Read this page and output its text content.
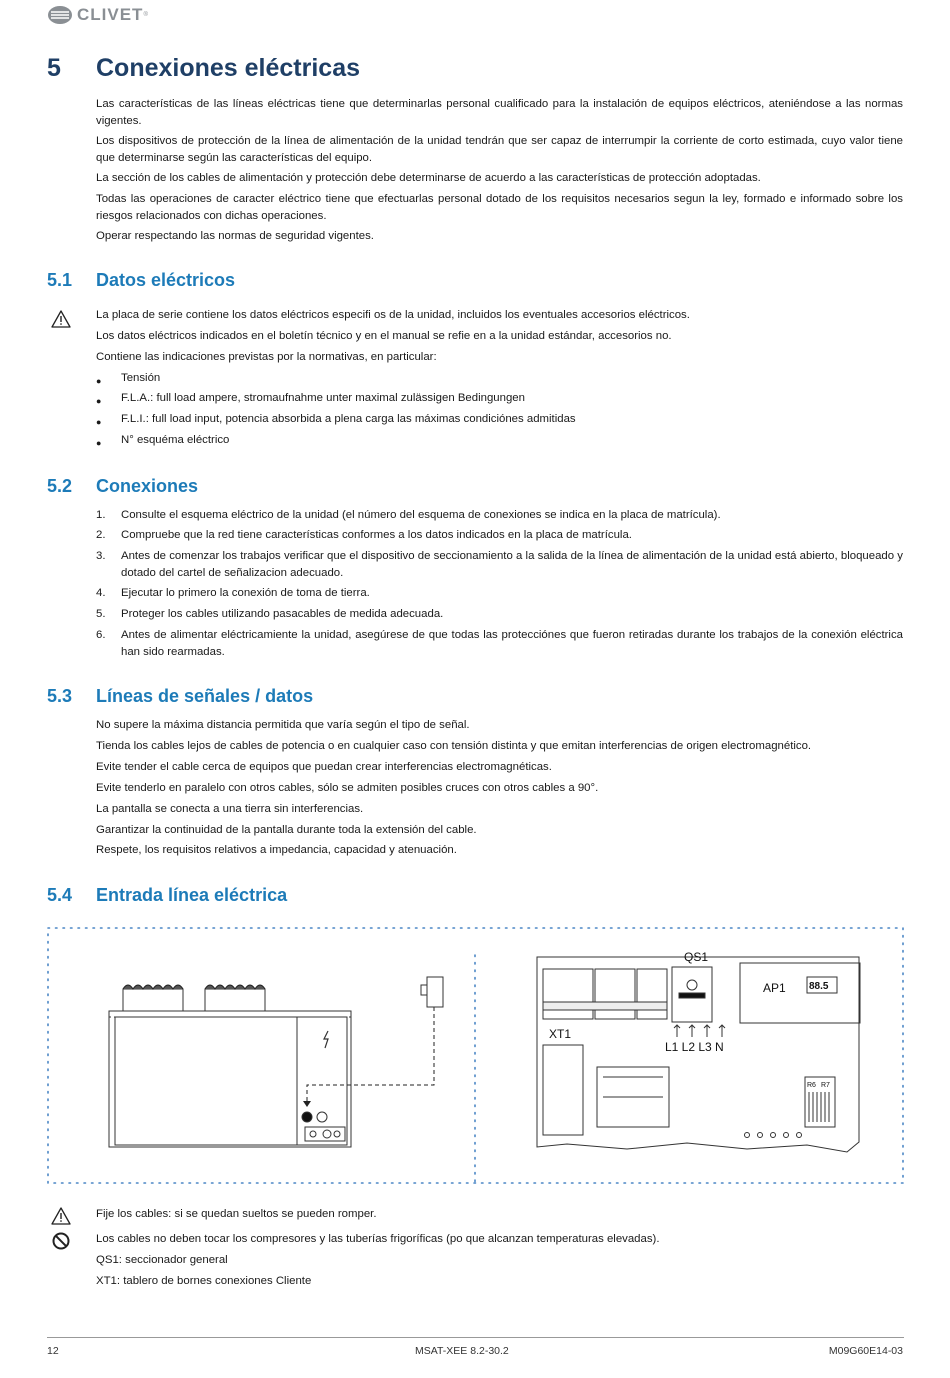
CLIVET ®
5	Conexiones eléctricas

Las características de las líneas eléctricas tiene que determinarlas personal cualificado para la instalación de equipos eléctricos, ateniéndose a las normas vigentes.

Los dispositivos de protección de la línea de alimentación de la unidad tendrán que ser capaz de interrumpir la corriente de corto estimada, cuyo valor tiene que determinarse según las características del equipo.

La sección de los cables de alimentación y protección debe determinarse de acuerdo a las características de protección adoptadas.

Todas las operaciones de caracter eléctrico tiene que efectuarlas personal dotado de los requisitos necesarios segun la ley, formado e informado sobre los riesgos relacionados con dichas operaciones.

Operar respectando las normas de seguridad vigentes.

5.1	Datos eléctricos

La placa de serie contiene los datos eléctricos especifi os de la unidad, incluidos los eventuales accesorios eléctricos.

Los datos eléctricos indicados en el boletín técnico y en el manual se refie en a la unidad estándar, accesorios no.

Contiene las indicaciones previstas por la normativas, en particular:

●	Tensión
●	F.L.A.: full load ampere, stromaufnahme unter maximal zulässigen Bedingungen
●	F.L.I.: full load input, potencia absorbida a plena carga las máximas condiciónes admitidas
●	N° esquéma eléctrico
5.2	Conexiones
1.	Consulte el esquema eléctrico de la unidad (el número del esquema de conexiones se indica en la placa de matrícula).
2.	Compruebe que la red tiene características conformes a los datos indicados en la placa de matrícula.
3.	Antes de comenzar los trabajos verificar que el dispositivo de seccionamiento a la salida de la línea de alimentación de la unidad está abierto, bloqueado y dotado del cartel de señalizacion adecuado.
4.	Ejecutar lo primero la conexión de toma de tierra.
5.	Proteger los cables utilizando pasacables de medida adecuada.
6.	Antes de alimentar eléctricamiente la unidad, asegúrese de que todas las protecciónes que fueron retiradas durante los trabajos de la conexión eléctrica han sido rearmadas.
5.3	Líneas de señales / datos

No supere la máxima distancia permitida que varía según el tipo de señal.

Tienda los cables lejos de cables de potencia o en cualquier caso con tensión distinta y que emitan interferencias de origen electromagnético.

Evite tender el cable cerca de equipos que puedan crear interferencias electromagnéticas.

Evite tenderlo en paralelo con otros cables, sólo se admiten posibles cruces con otros cables a 90°.

La pantalla se conecta a una tierra sin interferencias.

Garantizar la continuidad de la pantalla durante toda la extensión del cable.

Respete, los requisitos relativos a impedancia, capacidad y atenuación.

5.4	Entrada línea eléctrica
QS1
AP1 88.5
XT1
L1 L2 L3 N
R6 R7

Fije los cables: si se quedan sueltos se pueden romper.

Los cables no deben tocar los compresores y las tuberías frigoríficas (po que alcanzan temperaturas elevadas).

QS1: seccionador general

XT1: tablero de bornes conexiones Cliente

12	MSAT-XEE 8.2-30.2	M09G60E14-03
